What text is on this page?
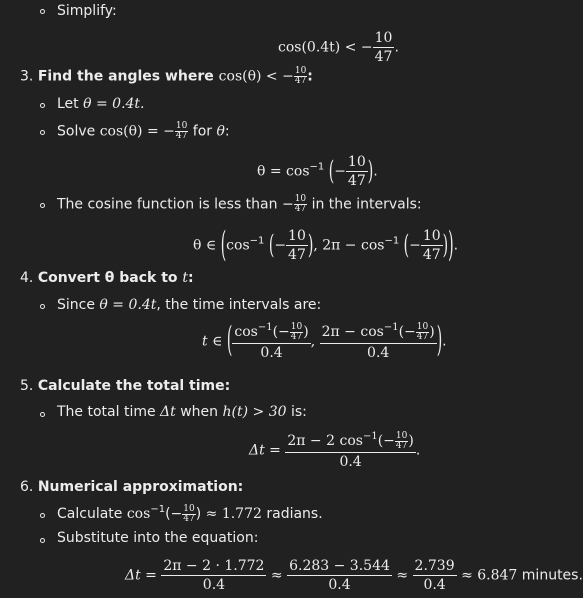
Simplify:
cos(0.4t) < − $\frac{10}{47}$ .
3. Find the angles where cos(θ) < − $\frac{10}{47}$ :
Let θ = 0.4t.
Solve cos(θ) = − $\frac{10}{47}$ for θ:
$\theta = \cos^{-1}$ (− $\frac{10}{47}$ ).
The cosine function is less than − $\frac{10}{47}$ in the intervals:
θ ∈ ($\cos^{-1}$ (− $\frac{10}{47}$ ), $2\pi - \cos^{-1}$ (− $\frac{10}{47}$ )).
4. Convert θ back to t:
Since θ = 0.4t, the time intervals are:
t ∈ ( $\frac{\cos^{-1}(- \frac{10}{47} )}{0.4}$ , $\frac{2\pi - \cos^{-1}(- \frac{10}{47} )}{0.4}$ ).
5. Calculate the total time:
The total time Δt when h(t) > 30 is:
$\Delta t = \frac{2\pi - 2 \cos^{-1}(- \frac{10}{47} )}{0.4}$ .
6. Numerical approximation:
Calculate $\cos^{-1}(- \frac{10}{47}$ ) ≈ 1.772 radians.
Substitute into the equation:
$\Delta t = \frac{2\pi - 2 \cdot 1.772}{0.4} \approx \frac{6.283 - 3.544}{0.4} \approx \frac{2.739}{0.4} \approx 6.847$ minutes.
